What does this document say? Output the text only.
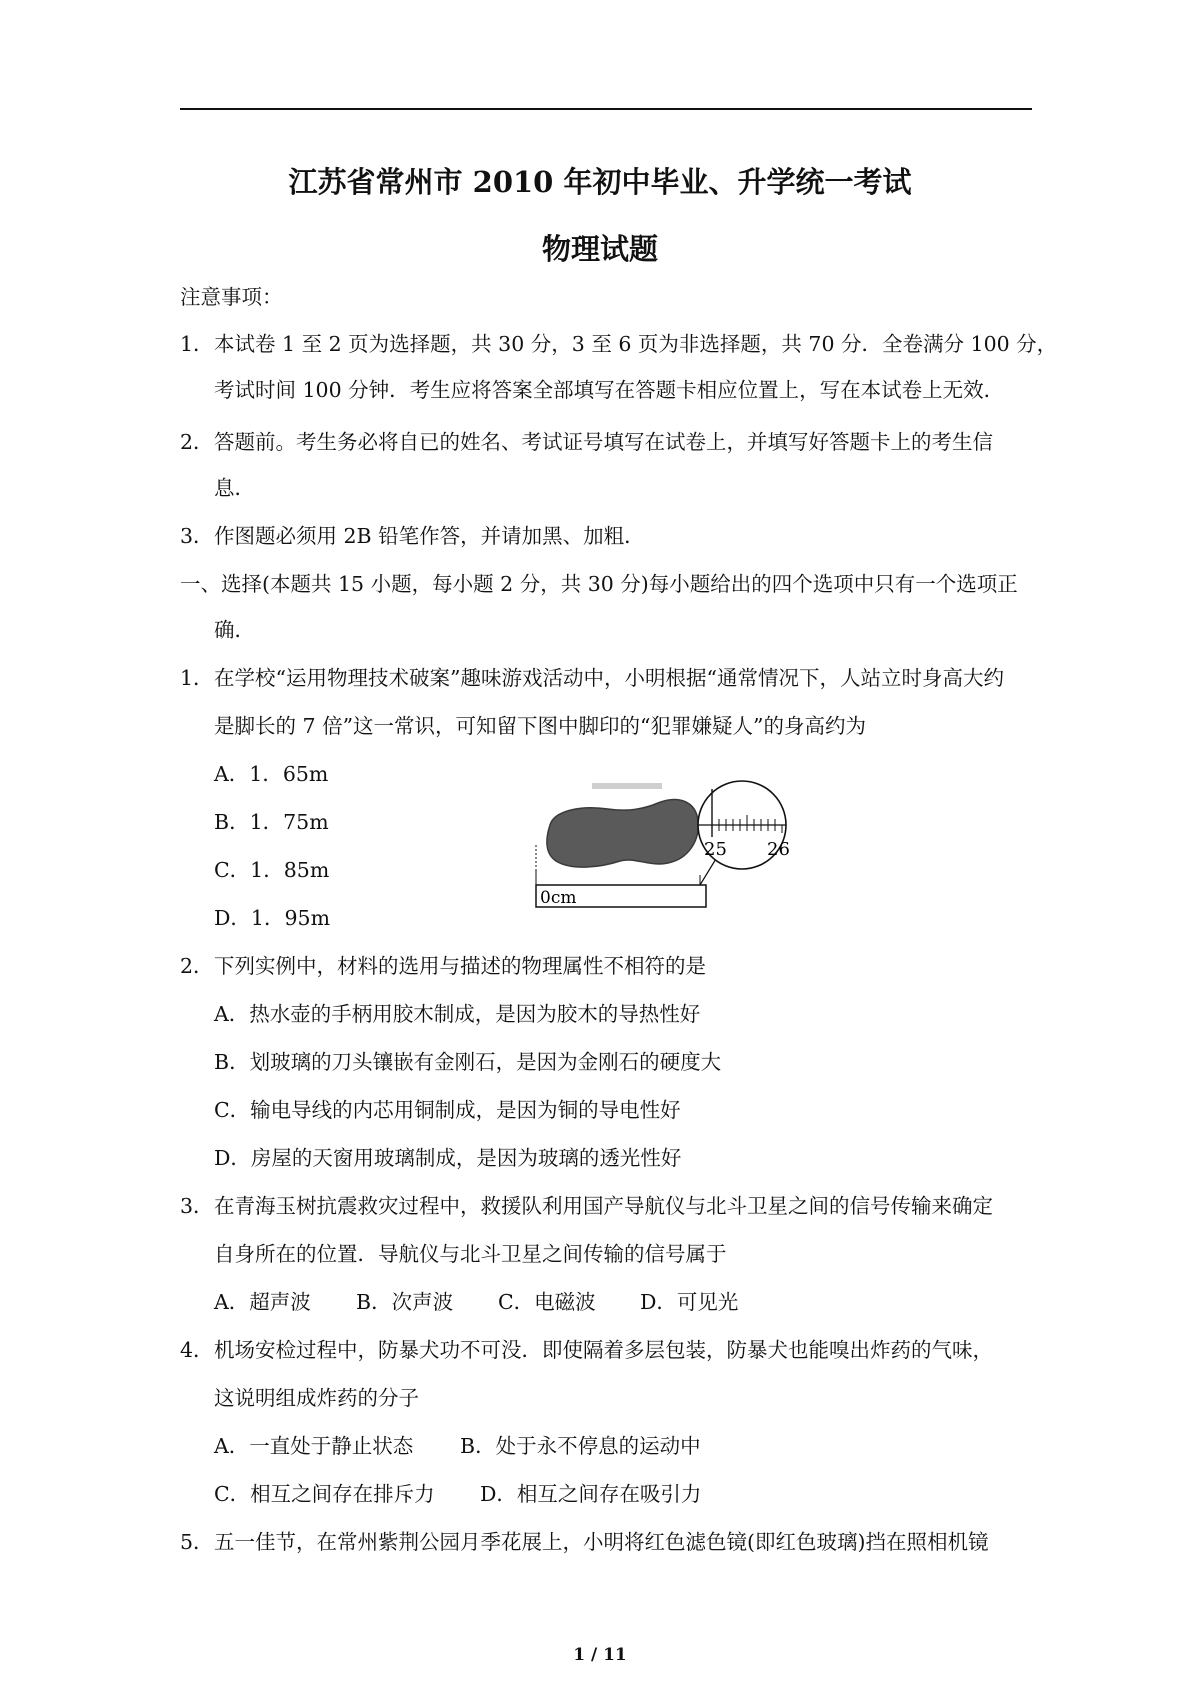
江苏省常州市 2010 年初中毕业、升学统一考试
物理试题
注意事项：
1． 本试卷 1 至 2 页为选择题，共 30 分，3 至 6 页为非选择题，共 70 分．全卷满分 100 分，
考试时间 100 分钟．考生应将答案全部填写在答题卡相应位置上，写在本试卷上无效．
2． 答题前。考生务必将自已的姓名、考试证号填写在试卷上，并填写好答题卡上的考生信
息．
3． 作图题必须用 2B 铅笔作答，并请加黑、加粗．
一、选择(本题共 15 小题，每小题 2 分，共 30 分)每小题给出的四个选项中只有一个选项正
确．
1． 在学校“运用物理技术破案”趣味游戏活动中，小明根据“通常情况下，人站立时身高大约
是脚长的 7 倍”这一常识，可知留下图中脚印的“犯罪嫌疑人”的身高约为
A．1．65m
B．1．75m
C．1．85m
D．1．95m
0cm
25 26
2． 下列实例中，材料的选用与描述的物理属性不相符的是
A．热水壶的手柄用胶木制成，是因为胶木的导热性好
B．划玻璃的刀头镶嵌有金刚石，是因为金刚石的硬度大
C．输电导线的内芯用铜制成，是因为铜的导电性好
D．房屋的天窗用玻璃制成，是因为玻璃的透光性好
3． 在青海玉树抗震救灾过程中，救援队利用国产导航仪与北斗卫星之间的信号传输来确定
自身所在的位置．导航仪与北斗卫星之间传输的信号属于
A．超声波 B．次声波 C．电磁波 D．可见光
4． 机场安检过程中，防暴犬功不可没．即使隔着多层包装，防暴犬也能嗅出炸药的气味，
这说明组成炸药的分子
A．一直处于静止状态 B．处于永不停息的运动中
C．相互之间存在排斥力 D．相互之间存在吸引力
5． 五一佳节，在常州紫荆公园月季花展上，小明将红色滤色镜(即红色玻璃)挡在照相机镜
1 / 11
